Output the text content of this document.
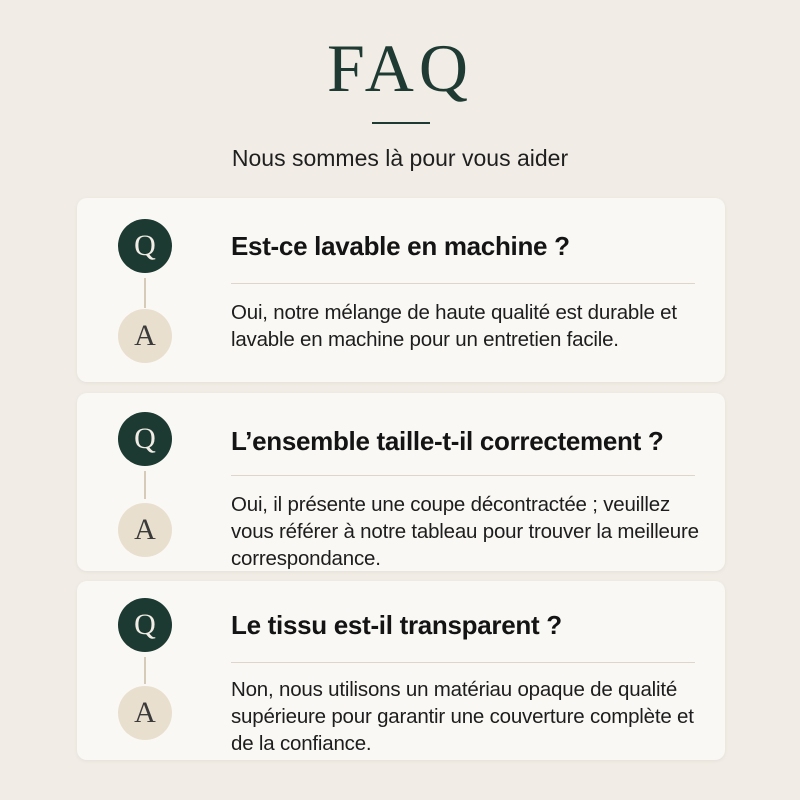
FAQ
Nous sommes là pour vous aider
Q
A
Est-ce lavable en machine ?
Oui, notre mélange de haute qualité est durable et lavable en machine pour un entretien facile.
Q
A
L’ensemble taille-t-il correctement ?
Oui, il présente une coupe décontractée ; veuillez vous référer à notre tableau pour trouver la meilleure correspondance.
Q
A
Le tissu est-il transparent ?
Non, nous utilisons un matériau opaque de qualité supérieure pour garantir une couverture complète et de la confiance.
